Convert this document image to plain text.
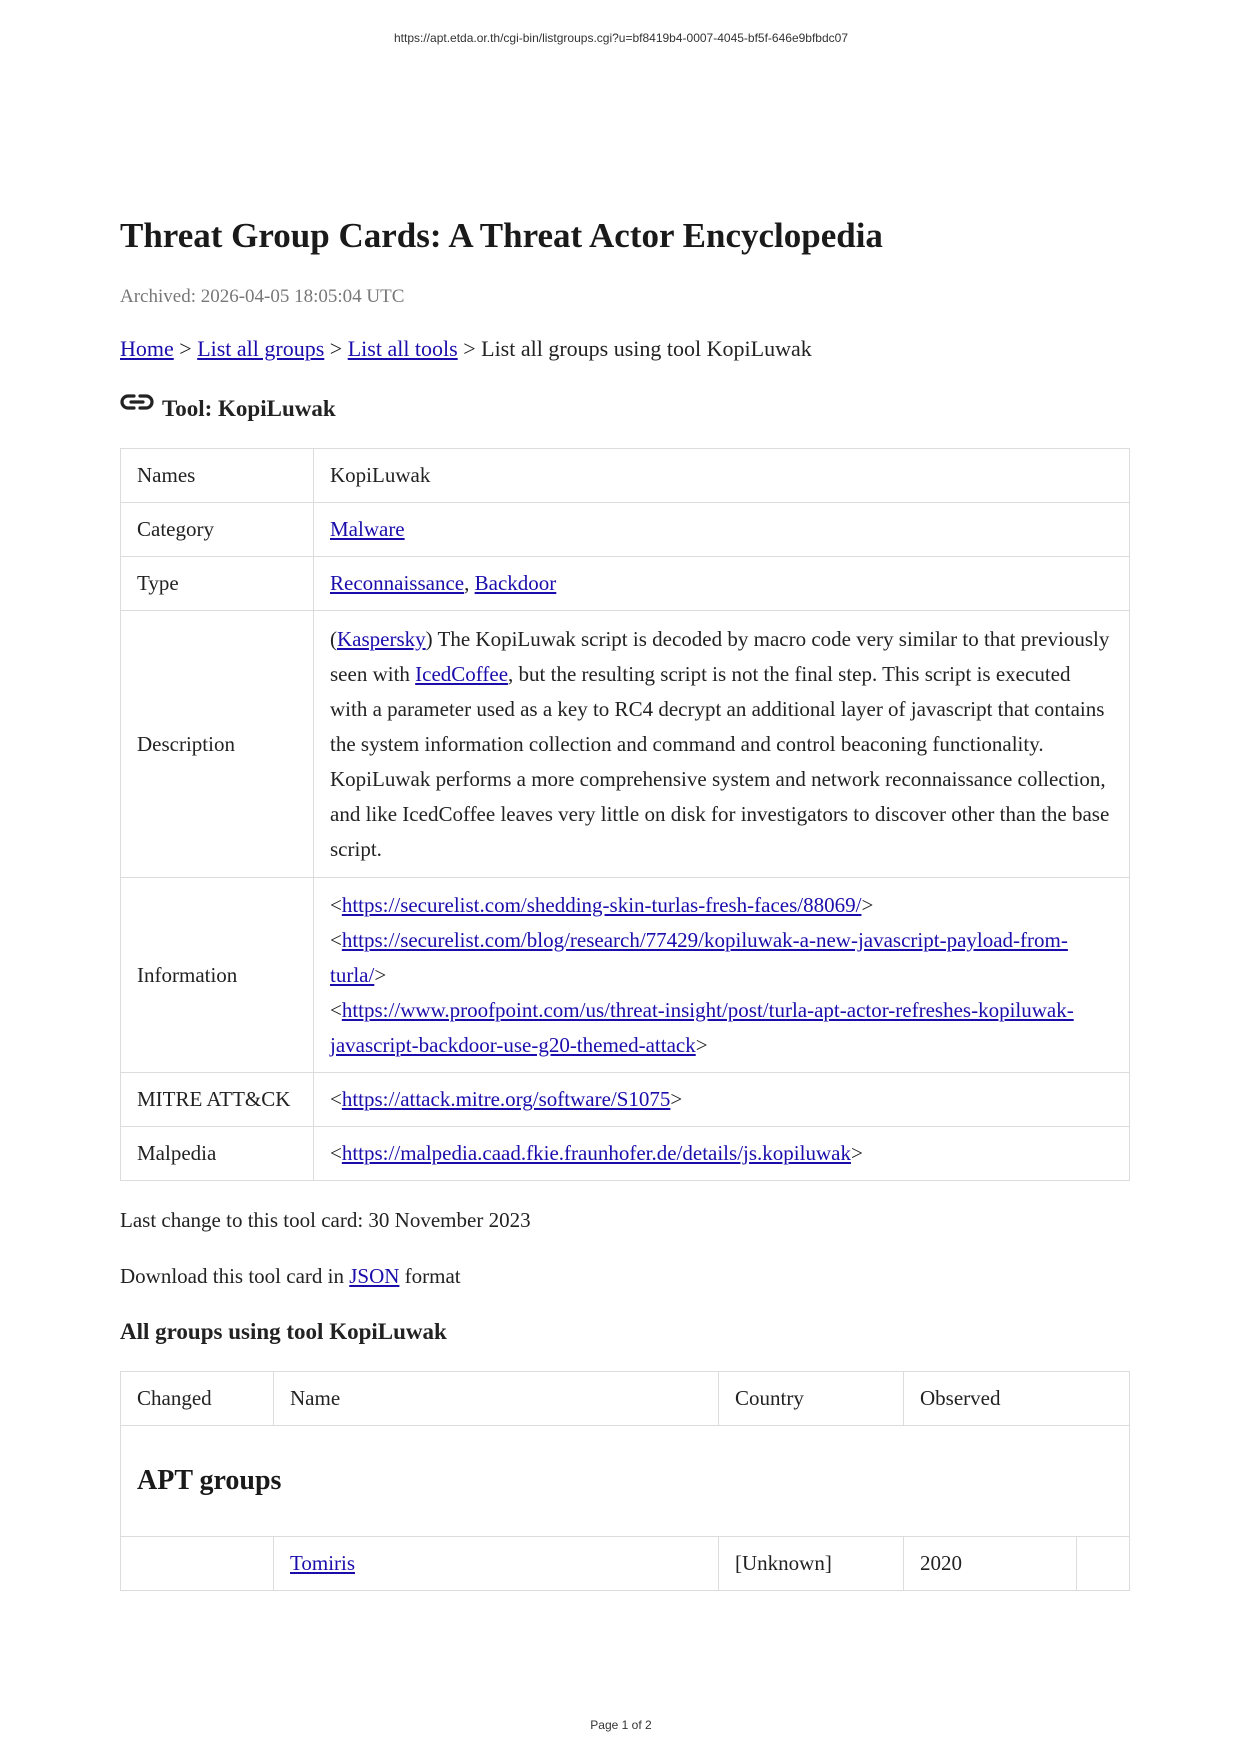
https://apt.etda.or.th/cgi-bin/listgroups.cgi?u=bf8419b4-0007-4045-bf5f-646e9bfbdc07
Threat Group Cards: A Threat Actor Encyclopedia
Archived: 2026-04-05 18:05:04 UTC
Home > List all groups > List all tools > List all groups using tool KopiLuwak
Tool: KopiLuwak
Names	KopiLuwak
Category	Malware
Type	Reconnaissance, Backdoor
Description	(Kaspersky) The KopiLuwak script is decoded by macro code very similar to that previously seen with IcedCoffee, but the resulting script is not the final step. This script is executed with a parameter used as a key to RC4 decrypt an additional layer of javascript that contains the system information collection and command and control beaconing functionality. KopiLuwak performs a more comprehensive system and network reconnaissance collection, and like IcedCoffee leaves very little on disk for investigators to discover other than the base script.
Information	<https://securelist.com/shedding-skin-turlas-fresh-faces/88069/>
<https://securelist.com/blog/research/77429/kopiluwak-a-new-javascript-payload-from-turla/>
<https://www.proofpoint.com/us/threat-insight/post/turla-apt-actor-refreshes-kopiluwak-javascript-backdoor-use-g20-themed-attack>

MITRE ATT&CK	<https://attack.mitre.org/software/S1075>
Malpedia	<https://malpedia.caad.fkie.fraunhofer.de/details/js.kopiluwak>
Last change to this tool card: 30 November 2023
Download this tool card in JSON format
All groups using tool KopiLuwak
Changed	Name	Country	Observed	
APT groups				
	Tomiris	[Unknown]	2020	
Page 1 of 2
